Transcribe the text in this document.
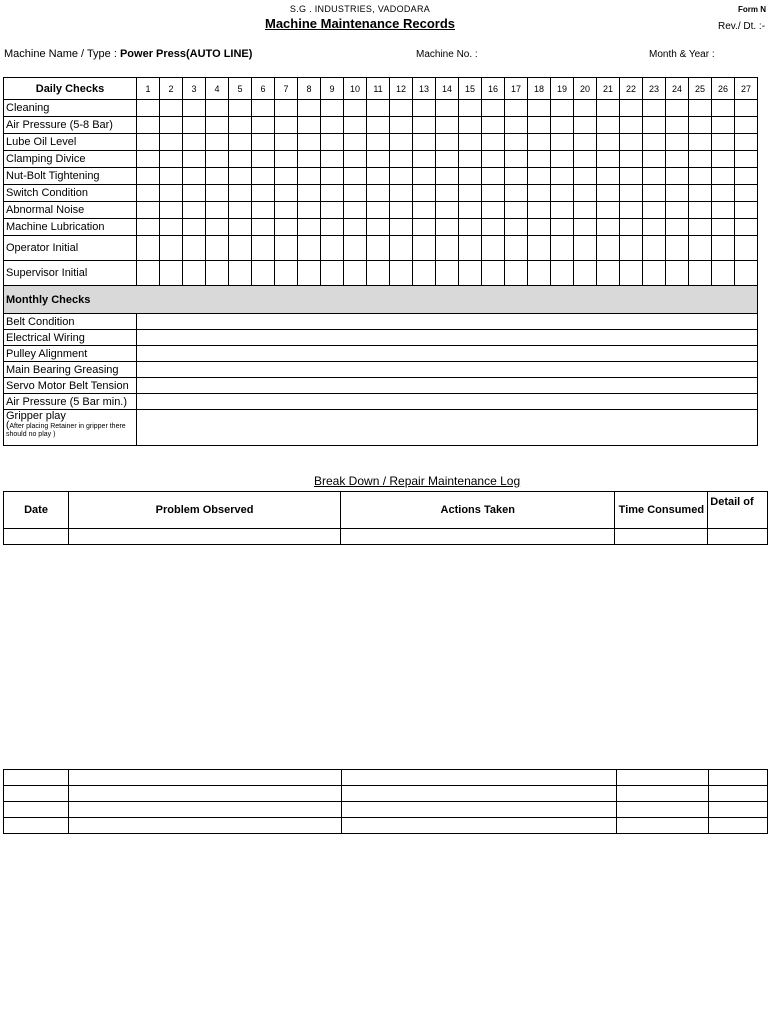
S.G . INDUSTRIES, VADODARA
Machine Maintenance Records
Form N
Rev./ Dt. :-
Machine Name / Type : Power Press(AUTO LINE)	Machine No. :	Month & Year :
Daily Checks	1	2	3	4	5	6	7	8	9	10	11	12	13	14	15	16	17	18	19	20	21	22	23	24	25	26	27
Cleaning																											
Air Pressure (5-8 Bar)																											
Lube Oil Level																											
Clamping Divice																											
Nut-Bolt Tightening																											
Switch Condition																											
Abnormal Noise																											
Machine Lubrication																											
Operator Initial																											
Supervisor Initial																											
Monthly Checks																											
Belt Condition																											
Electrical Wiring																											
Pulley Alignment																											
Main Bearing Greasing																											
Servo Motor Belt Tension																											
Air Pressure (5 Bar min.)																											

Gripper play
(After placing Retainer in gripper there should no play )																											

Break Down / Repair Maintenance Log
Date	Problem Observed	Actions Taken	Time Consumed	Detail of
